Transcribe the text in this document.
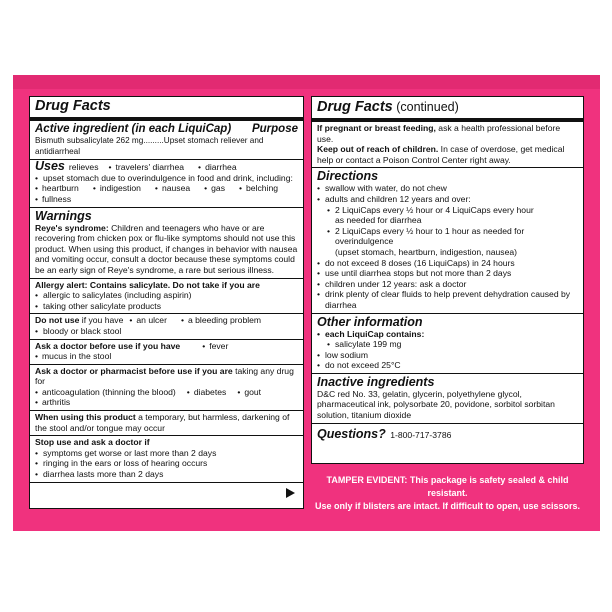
Drug Facts
Active ingredient (in each LiquiCap) Purpose
Bismuth subsalicylate 262 mg.........Upset stomach reliever and antidiarrheal
Uses relieves	• travelers' diarrhea	• diarrhea
• upset stomach due to overindulgence in food and drink, including:
• heartburn	• indigestion	• nausea	• gas	• belching
• fullness
Warnings
Reye's syndrome: Children and teenagers who have or are recovering from chicken pox or flu-like symptoms should not use this product. When using this product, if changes in behavior with nausea and vomiting occur, consult a doctor because these symptoms could be an early sign of Reye's syndrome, a rare but serious illness.
Allergy alert: Contains salicylate. Do not take if you are
• allergic to salicylates (including aspirin)
• taking other salicylate products
Do not use if you have	• an ulcer	• a bleeding problem
• bloody or black stool
Ask a doctor before use if you have	• fever
• mucus in the stool
Ask a doctor or pharmacist before use if you are taking any drug for
• anticoagulation (thinning the blood)	• diabetes	• gout
• arthritis
When using this product a temporary, but harmless, darkening of the stool and/or tongue may occur
Stop use and ask a doctor if
• symptoms get worse or last more than 2 days
• ringing in the ears or loss of hearing occurs
• diarrhea lasts more than 2 days
Drug Facts (continued)
If pregnant or breast feeding, ask a health professional before use.
Keep out of reach of children. In case of overdose, get medical help or contact a Poison Control Center right away.
Directions
• swallow with water, do not chew
• adults and children 12 years and over:
• 2 LiquiCaps every ½ hour or 4 LiquiCaps every hour
as needed for diarrhea
• 2 LiquiCaps every ½ hour to 1 hour as needed for overindulgence
(upset stomach, heartburn, indigestion, nausea)
• do not exceed 8 doses (16 LiquiCaps) in 24 hours
• use until diarrhea stops but not more than 2 days
• children under 12 years: ask a doctor
• drink plenty of clear fluids to help prevent dehydration caused by diarrhea
Other information
• each LiquiCap contains:
• salicylate 199 mg
• low sodium
• do not exceed 25°C
Inactive ingredients
D&C red No. 33, gelatin, glycerin, polyethylene glycol, pharmaceutical ink, polysorbate 20, povidone, sorbitol sorbitan solution, titanium dioxide
Questions? 1-800-717-3786
TAMPER EVIDENT: This package is safety sealed & child resistant.
Use only if blisters are intact. If difficult to open, use scissors.
